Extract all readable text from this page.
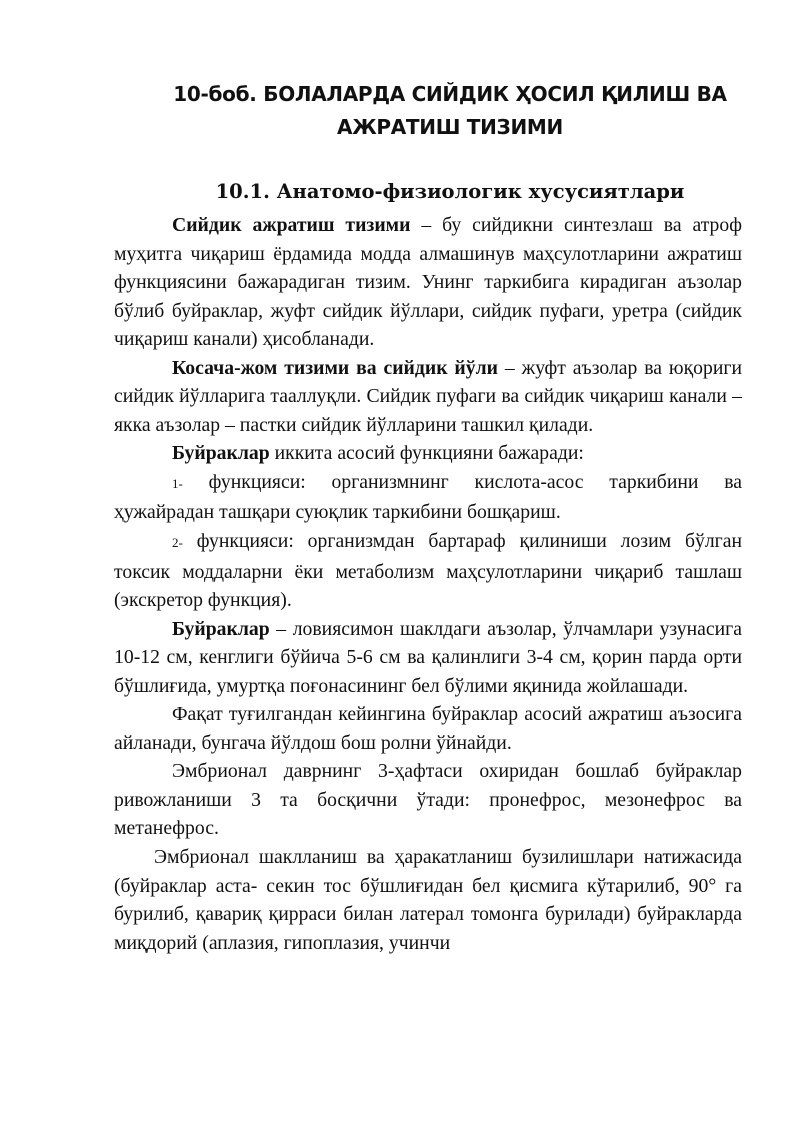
10-боб. БОЛАЛАРДА СИЙДИК ҲОСИЛ ҚИЛИШ ВА АЖРАТИШ ТИЗИМИ
10.1. Анатомо-физиологик хусусиятлари

Сийдик ажратиш тизими – бу сийдикни синтезлаш ва атроф муҳитга чиқариш ёрдамида модда алмашинув маҳсулотларини ажратиш функциясини бажарадиган тизим. Унинг таркибига кирадиган аъзолар бўлиб буйраклар, жуфт сийдик йўллари, сийдик пуфаги, уретра (сийдик чиқариш канали) ҳисобланади.

Косача-жом тизими ва сийдик йўли – жуфт аъзолар ва юқориги сийдик йўлларига тааллуқли. Сийдик пуфаги ва сийдик чиқариш канали – якка аъзолар – пастки сийдик йўлларини ташкил қилади.

Буйраклар иккита асосий функцияни бажаради:

1- функцияси: организмнинг кислота-асос таркибини ва ҳужайрадан ташқари суюқлик таркибини бошқариш.

2- функцияси: организмдан бартараф қилиниши лозим бўлган токсик моддаларни ёки метаболизм маҳсулотларини чиқариб ташлаш (экскретор функция).

Буйраклар – ловиясимон шаклдаги аъзолар, ўлчамлари узунасига 10-12 см, кенглиги бўйича 5-6 см ва қалинлиги 3-4 см, қорин парда орти бўшлиғида, умуртқа поғонасининг бел бўлими яқинида жойлашади.

Фақат туғилгандан кейингина буйраклар асосий ажратиш аъзосига айланади, бунгача йўлдош бош ролни ўйнайди.

Эмбрионал даврнинг 3-ҳафтаси охиридан бошлаб буйраклар ривожланиши 3 та босқични ўтади: пронефрос, мезонефрос ва метанефрос.

Эмбрионал шаклланиш ва ҳаракатланиш бузилишлари натижасида (буйраклар аста- секин тос бўшлиғидан бел қисмига кўтарилиб, 90° га бурилиб, қавариқ қирраси билан латерал томонга бурилади) буйракларда миқдорий (аплазия, гипоплазия, учинчи
